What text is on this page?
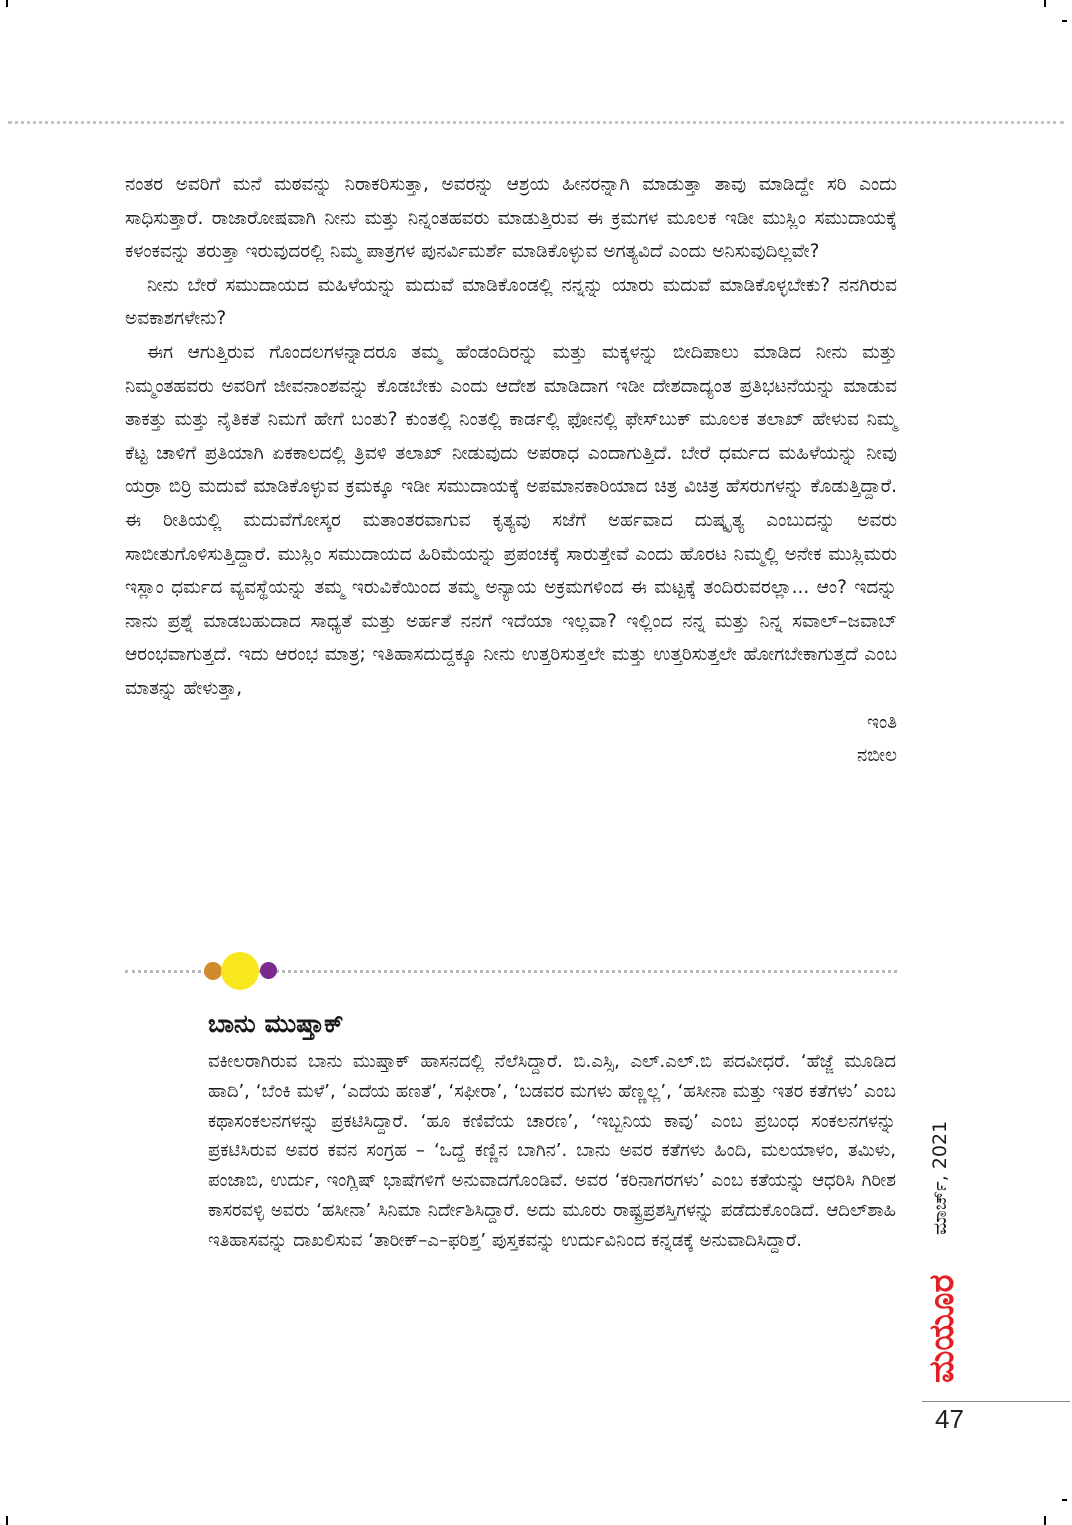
ನಂತರ ಅವರಿಗೆ ಮನೆ ಮಠವನ್ನು ನಿರಾಕರಿಸುತ್ತಾ, ಅವರನ್ನು ಆಶ್ರಯ ಹೀನರನ್ನಾಗಿ ಮಾಡುತ್ತಾ ತಾವು ಮಾಡಿದ್ದೇ ಸರಿ ಎಂದು ಸಾಧಿಸುತ್ತಾರೆ. ರಾಜಾರೋಷವಾಗಿ ನೀನು ಮತ್ತು ನಿನ್ನಂತಹವರು ಮಾಡುತ್ತಿರುವ ಈ ಕ್ರಮಗಳ ಮೂಲಕ ಇಡೀ ಮುಸ್ಲಿಂ ಸಮುದಾಯಕ್ಕೆ ಕಳಂಕವನ್ನು ತರುತ್ತಾ ಇರುವುದರಲ್ಲಿ ನಿಮ್ಮ ಪಾತ್ರಗಳ ಪುನರ್ವಿಮರ್ಶೆ ಮಾಡಿಕೊಳ್ಳುವ ಅಗತ್ಯವಿದೆ ಎಂದು ಅನಿಸುವುದಿಲ್ಲವೇ?

ನೀನು ಬೇರೆ ಸಮುದಾಯದ ಮಹಿಳೆಯನ್ನು ಮದುವೆ ಮಾಡಿಕೊಂಡಲ್ಲಿ ನನ್ನನ್ನು ಯಾರು ಮದುವೆ ಮಾಡಿಕೊಳ್ಳಬೇಕು? ನನಗಿರುವ ಅವಕಾಶಗಳೇನು?

ಈಗ ಆಗುತ್ತಿರುವ ಗೊಂದಲಗಳನ್ನಾದರೂ ತಮ್ಮ ಹೆಂಡಂದಿರನ್ನು ಮತ್ತು ಮಕ್ಕಳನ್ನು ಬೀದಿಪಾಲು ಮಾಡಿದ ನೀನು ಮತ್ತು ನಿಮ್ಮಂತಹವರು ಅವರಿಗೆ ಜೀವನಾಂಶವನ್ನು ಕೊಡಬೇಕು ಎಂದು ಆದೇಶ ಮಾಡಿದಾಗ ಇಡೀ ದೇಶದಾದ್ಯಂತ ಪ್ರತಿಭಟನೆಯನ್ನು ಮಾಡುವ ತಾಕತ್ತು ಮತ್ತು ನೈತಿಕತೆ ನಿಮಗೆ ಹೇಗೆ ಬಂತು? ಕುಂತಲ್ಲಿ ನಿಂತಲ್ಲಿ ಕಾರ್ಡಲ್ಲಿ ಫೋನಲ್ಲಿ ಫೇಸ್‌ಬುಕ್ ಮೂಲಕ ತಲಾಖ್ ಹೇಳುವ ನಿಮ್ಮ ಕೆಟ್ಟ ಚಾಳಿಗೆ ಪ್ರತಿಯಾಗಿ ಏಕಕಾಲದಲ್ಲಿ ತ್ರಿವಳಿ ತಲಾಖ್ ನೀಡುವುದು ಅಪರಾಧ ಎಂದಾಗುತ್ತಿದೆ. ಬೇರೆ ಧರ್ಮದ ಮಹಿಳೆಯನ್ನು ನೀವು ಯರ್ರಾ ಬಿರ್ರಿ ಮದುವೆ ಮಾಡಿಕೊಳ್ಳುವ ಕ್ರಮಕ್ಕೂ ಇಡೀ ಸಮುದಾಯಕ್ಕೆ ಅಪಮಾನಕಾರಿಯಾದ ಚಿತ್ರ ವಿಚಿತ್ರ ಹೆಸರುಗಳನ್ನು ಕೊಡುತ್ತಿದ್ದಾರೆ. ಈ ರೀತಿಯಲ್ಲಿ ಮದುವೆಗೋಸ್ಕರ ಮತಾಂತರವಾಗುವ ಕೃತ್ಯವು ಸಜೆಗೆ ಅರ್ಹವಾದ ದುಷ್ಕೃತ್ಯ ಎಂಬುದನ್ನು ಅವರು ಸಾಬೀತುಗೊಳಿಸುತ್ತಿದ್ದಾರೆ. ಮುಸ್ಲಿಂ ಸಮುದಾಯದ ಹಿರಿಮೆಯನ್ನು ಪ್ರಪಂಚಕ್ಕೆ ಸಾರುತ್ತೇವೆ ಎಂದು ಹೊರಟ ನಿಮ್ಮಲ್ಲಿ ಅನೇಕ ಮುಸ್ಲಿಮರು ಇಸ್ಲಾಂ ಧರ್ಮದ ವ್ಯವಸ್ಥೆಯನ್ನು ತಮ್ಮ ಇರುವಿಕೆಯಿಂದ ತಮ್ಮ ಅನ್ಯಾಯ ಅಕ್ರಮಗಳಿಂದ ಈ ಮಟ್ಟಕ್ಕೆ ತಂದಿರುವರಲ್ಲಾ... ಆಂ? ಇದನ್ನು ನಾನು ಪ್ರಶ್ನೆ ಮಾಡಬಹುದಾದ ಸಾಧ್ಯತೆ ಮತ್ತು ಅರ್ಹತೆ ನನಗೆ ಇದೆಯಾ ಇಲ್ಲವಾ? ಇಲ್ಲಿಂದ ನನ್ನ ಮತ್ತು ನಿನ್ನ ಸವಾಲ್–ಜವಾಬ್ ಆರಂಭವಾಗುತ್ತದೆ. ಇದು ಆರಂಭ ಮಾತ್ರ; ಇತಿಹಾಸದುದ್ದಕ್ಕೂ ನೀನು ಉತ್ತರಿಸುತ್ತಲೇ ಮತ್ತು ಉತ್ತರಿಸುತ್ತಲೇ ಹೋಗಬೇಕಾಗುತ್ತದೆ ಎಂಬ ಮಾತನ್ನು ಹೇಳುತ್ತಾ,

ಇಂತಿ

ನಬೀಲ

ಬಾನು ಮುಷ್ತಾಕ್

ವಕೀಲರಾಗಿರುವ ಬಾನು ಮುಷ್ತಾಕ್ ಹಾಸನದಲ್ಲಿ ನೆಲೆಸಿದ್ದಾರೆ. ಬಿ.ಎಸ್ಸಿ, ಎಲ್.ಎಲ್.ಬಿ ಪದವೀಧರೆ. ‘ಹೆಜ್ಜೆ ಮೂಡಿದ ಹಾದಿ’, ‘ಬೆಂಕಿ ಮಳೆ’, ‘ಎದೆಯ ಹಣತೆ’, ‘ಸಫೀರಾ’, ‘ಬಡವರ ಮಗಳು ಹೆಣ್ಣಲ್ಲ’, ‘ಹಸೀನಾ ಮತ್ತು ಇತರ ಕತೆಗಳು’ ಎಂಬ ಕಥಾಸಂಕಲನಗಳನ್ನು ಪ್ರಕಟಿಸಿದ್ದಾರೆ. ‘ಹೂ ಕಣಿವೆಯ ಚಾರಣ’, ‘ಇಬ್ಬನಿಯ ಕಾವು’ ಎಂಬ ಪ್ರಬಂಧ ಸಂಕಲನಗಳನ್ನು ಪ್ರಕಟಿಸಿರುವ ಅವರ ಕವನ ಸಂಗ್ರಹ – ‘ಒದ್ದೆ ಕಣ್ಣಿನ ಬಾಗಿನ’. ಬಾನು ಅವರ ಕತೆಗಳು ಹಿಂದಿ, ಮಲಯಾಳಂ, ತಮಿಳು, ಪಂಜಾಬಿ, ಉರ್ದು, ಇಂಗ್ಲಿಷ್ ಭಾಷೆಗಳಿಗೆ ಅನುವಾದಗೊಂಡಿವೆ. ಅವರ ‘ಕರಿನಾಗರಗಳು’ ಎಂಬ ಕತೆಯನ್ನು ಆಧರಿಸಿ ಗಿರೀಶ ಕಾಸರವಳ್ಳಿ ಅವರು ‘ಹಸೀನಾ’ ಸಿನಿಮಾ ನಿರ್ದೇಶಿಸಿದ್ದಾರೆ. ಅದು ಮೂರು ರಾಷ್ಟ್ರಪ್ರಶಸ್ತಿಗಳನ್ನು ಪಡೆದುಕೊಂಡಿದೆ. ಆದಿಲ್‌ಶಾಹಿ ಇತಿಹಾಸವನ್ನು ದಾಖಲಿಸುವ ‘ತಾರೀಕ್–ಎ–ಫರಿಶ್ತ’ ಪುಸ್ತಕವನ್ನು ಉರ್ದುವಿನಿಂದ ಕನ್ನಡಕ್ಕೆ ಅನುವಾದಿಸಿದ್ದಾರೆ.

ಮಾರ್ಚ್, 2021
ಮಯೂರ
47
